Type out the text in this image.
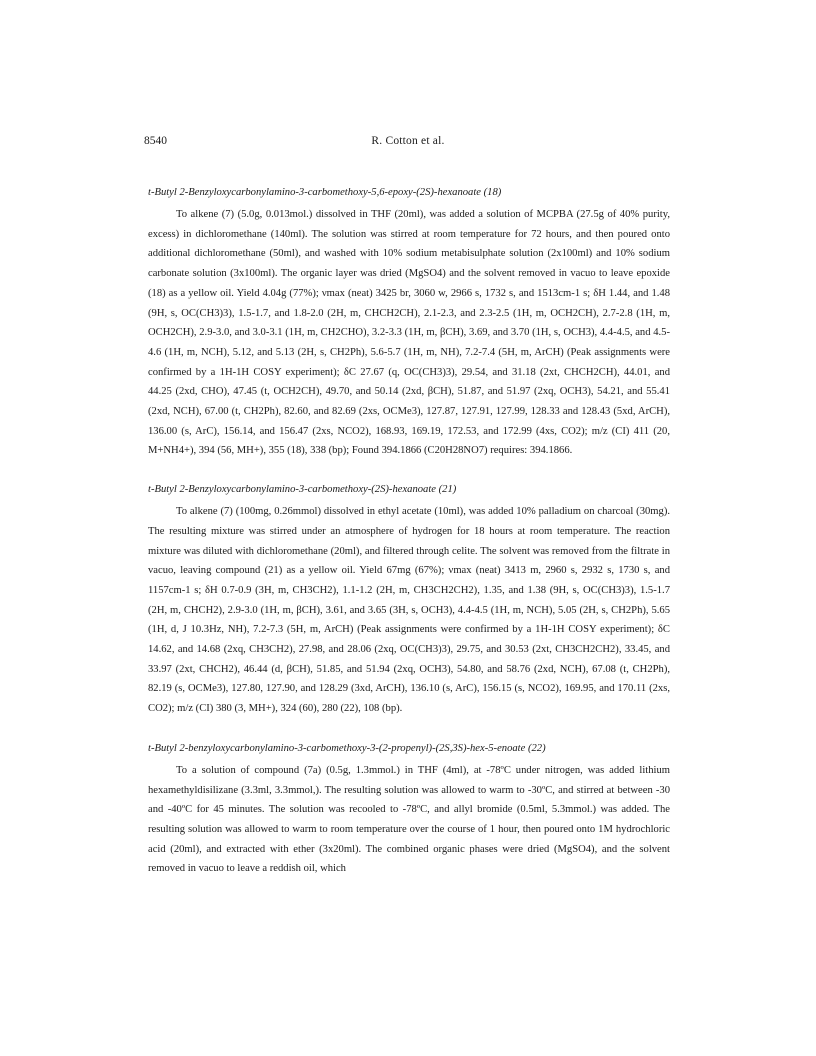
8540	R. Cotton et al.

t-Butyl 2-Benzyloxycarbonylamino-3-carbomethoxy-5,6-epoxy-(2S)-hexanoate (18)

To alkene (7) (5.0g, 0.013mol.) dissolved in THF (20ml), was added a solution of MCPBA (27.5g of 40% purity, excess) in dichloromethane (140ml). The solution was stirred at room temperature for 72 hours, and then poured onto additional dichloromethane (50ml), and washed with 10% sodium metabisulphate solution (2x100ml) and 10% sodium carbonate solution (3x100ml). The organic layer was dried (MgSO4) and the solvent removed in vacuo to leave epoxide (18) as a yellow oil. Yield 4.04g (77%); νmax (neat) 3425 br, 3060 w, 2966 s, 1732 s, and 1513cm-1 s; δH 1.44, and 1.48 (9H, s, OC(CH3)3), 1.5-1.7, and 1.8-2.0 (2H, m, CHCH2CH), 2.1-2.3, and 2.3-2.5 (1H, m, OCH2CH), 2.7-2.8 (1H, m, OCH2CH), 2.9-3.0, and 3.0-3.1 (1H, m, CH2CHO), 3.2-3.3 (1H, m, βCH), 3.69, and 3.70 (1H, s, OCH3), 4.4-4.5, and 4.5-4.6 (1H, m, NCH), 5.12, and 5.13 (2H, s, CH2Ph), 5.6-5.7 (1H, m, NH), 7.2-7.4 (5H, m, ArCH) (Peak assignments were confirmed by a 1H-1H COSY experiment); δC 27.67 (q, OC(CH3)3), 29.54, and 31.18 (2xt, CHCH2CH), 44.01, and 44.25 (2xd, CHO), 47.45 (t, OCH2CH), 49.70, and 50.14 (2xd, βCH), 51.87, and 51.97 (2xq, OCH3), 54.21, and 55.41 (2xd, NCH), 67.00 (t, CH2Ph), 82.60, and 82.69 (2xs, OCMe3), 127.87, 127.91, 127.99, 128.33 and 128.43 (5xd, ArCH), 136.00 (s, ArC), 156.14, and 156.47 (2xs, NCO2), 168.93, 169.19, 172.53, and 172.99 (4xs, CO2); m/z (CI) 411 (20, M+NH4+), 394 (56, MH+), 355 (18), 338 (bp); Found 394.1866 (C20H28NO7) requires: 394.1866.

t-Butyl 2-Benzyloxycarbonylamino-3-carbomethoxy-(2S)-hexanoate (21)

To alkene (7) (100mg, 0.26mmol) dissolved in ethyl acetate (10ml), was added 10% palladium on charcoal (30mg). The resulting mixture was stirred under an atmosphere of hydrogen for 18 hours at room temperature. The reaction mixture was diluted with dichloromethane (20ml), and filtered through celite. The solvent was removed from the filtrate in vacuo, leaving compound (21) as a yellow oil. Yield 67mg (67%); νmax (neat) 3413 m, 2960 s, 2932 s, 1730 s, and 1157cm-1 s; δH 0.7-0.9 (3H, m, CH3CH2), 1.1-1.2 (2H, m, CH3CH2CH2), 1.35, and 1.38 (9H, s, OC(CH3)3), 1.5-1.7 (2H, m, CHCH2), 2.9-3.0 (1H, m, βCH), 3.61, and 3.65 (3H, s, OCH3), 4.4-4.5 (1H, m, NCH), 5.05 (2H, s, CH2Ph), 5.65 (1H, d, J 10.3Hz, NH), 7.2-7.3 (5H, m, ArCH) (Peak assignments were confirmed by a 1H-1H COSY experiment); δC 14.62, and 14.68 (2xq, CH3CH2), 27.98, and 28.06 (2xq, OC(CH3)3), 29.75, and 30.53 (2xt, CH3CH2CH2), 33.45, and 33.97 (2xt, CHCH2), 46.44 (d, βCH), 51.85, and 51.94 (2xq, OCH3), 54.80, and 58.76 (2xd, NCH), 67.08 (t, CH2Ph), 82.19 (s, OCMe3), 127.80, 127.90, and 128.29 (3xd, ArCH), 136.10 (s, ArC), 156.15 (s, NCO2), 169.95, and 170.11 (2xs, CO2); m/z (CI) 380 (3, MH+), 324 (60), 280 (22), 108 (bp).

t-Butyl 2-benzyloxycarbonylamino-3-carbomethoxy-3-(2-propenyl)-(2S,3S)-hex-5-enoate (22)

To a solution of compound (7a) (0.5g, 1.3mmol.) in THF (4ml), at -78ºC under nitrogen, was added lithium hexamethyldisilizane (3.3ml, 3.3mmol,). The resulting solution was allowed to warm to -30ºC, and stirred at between -30 and -40ºC for 45 minutes. The solution was recooled to -78ºC, and allyl bromide (0.5ml, 5.3mmol.) was added. The resulting solution was allowed to warm to room temperature over the course of 1 hour, then poured onto 1M hydrochloric acid (20ml), and extracted with ether (3x20ml). The combined organic phases were dried (MgSO4), and the solvent removed in vacuo to leave a reddish oil, which
